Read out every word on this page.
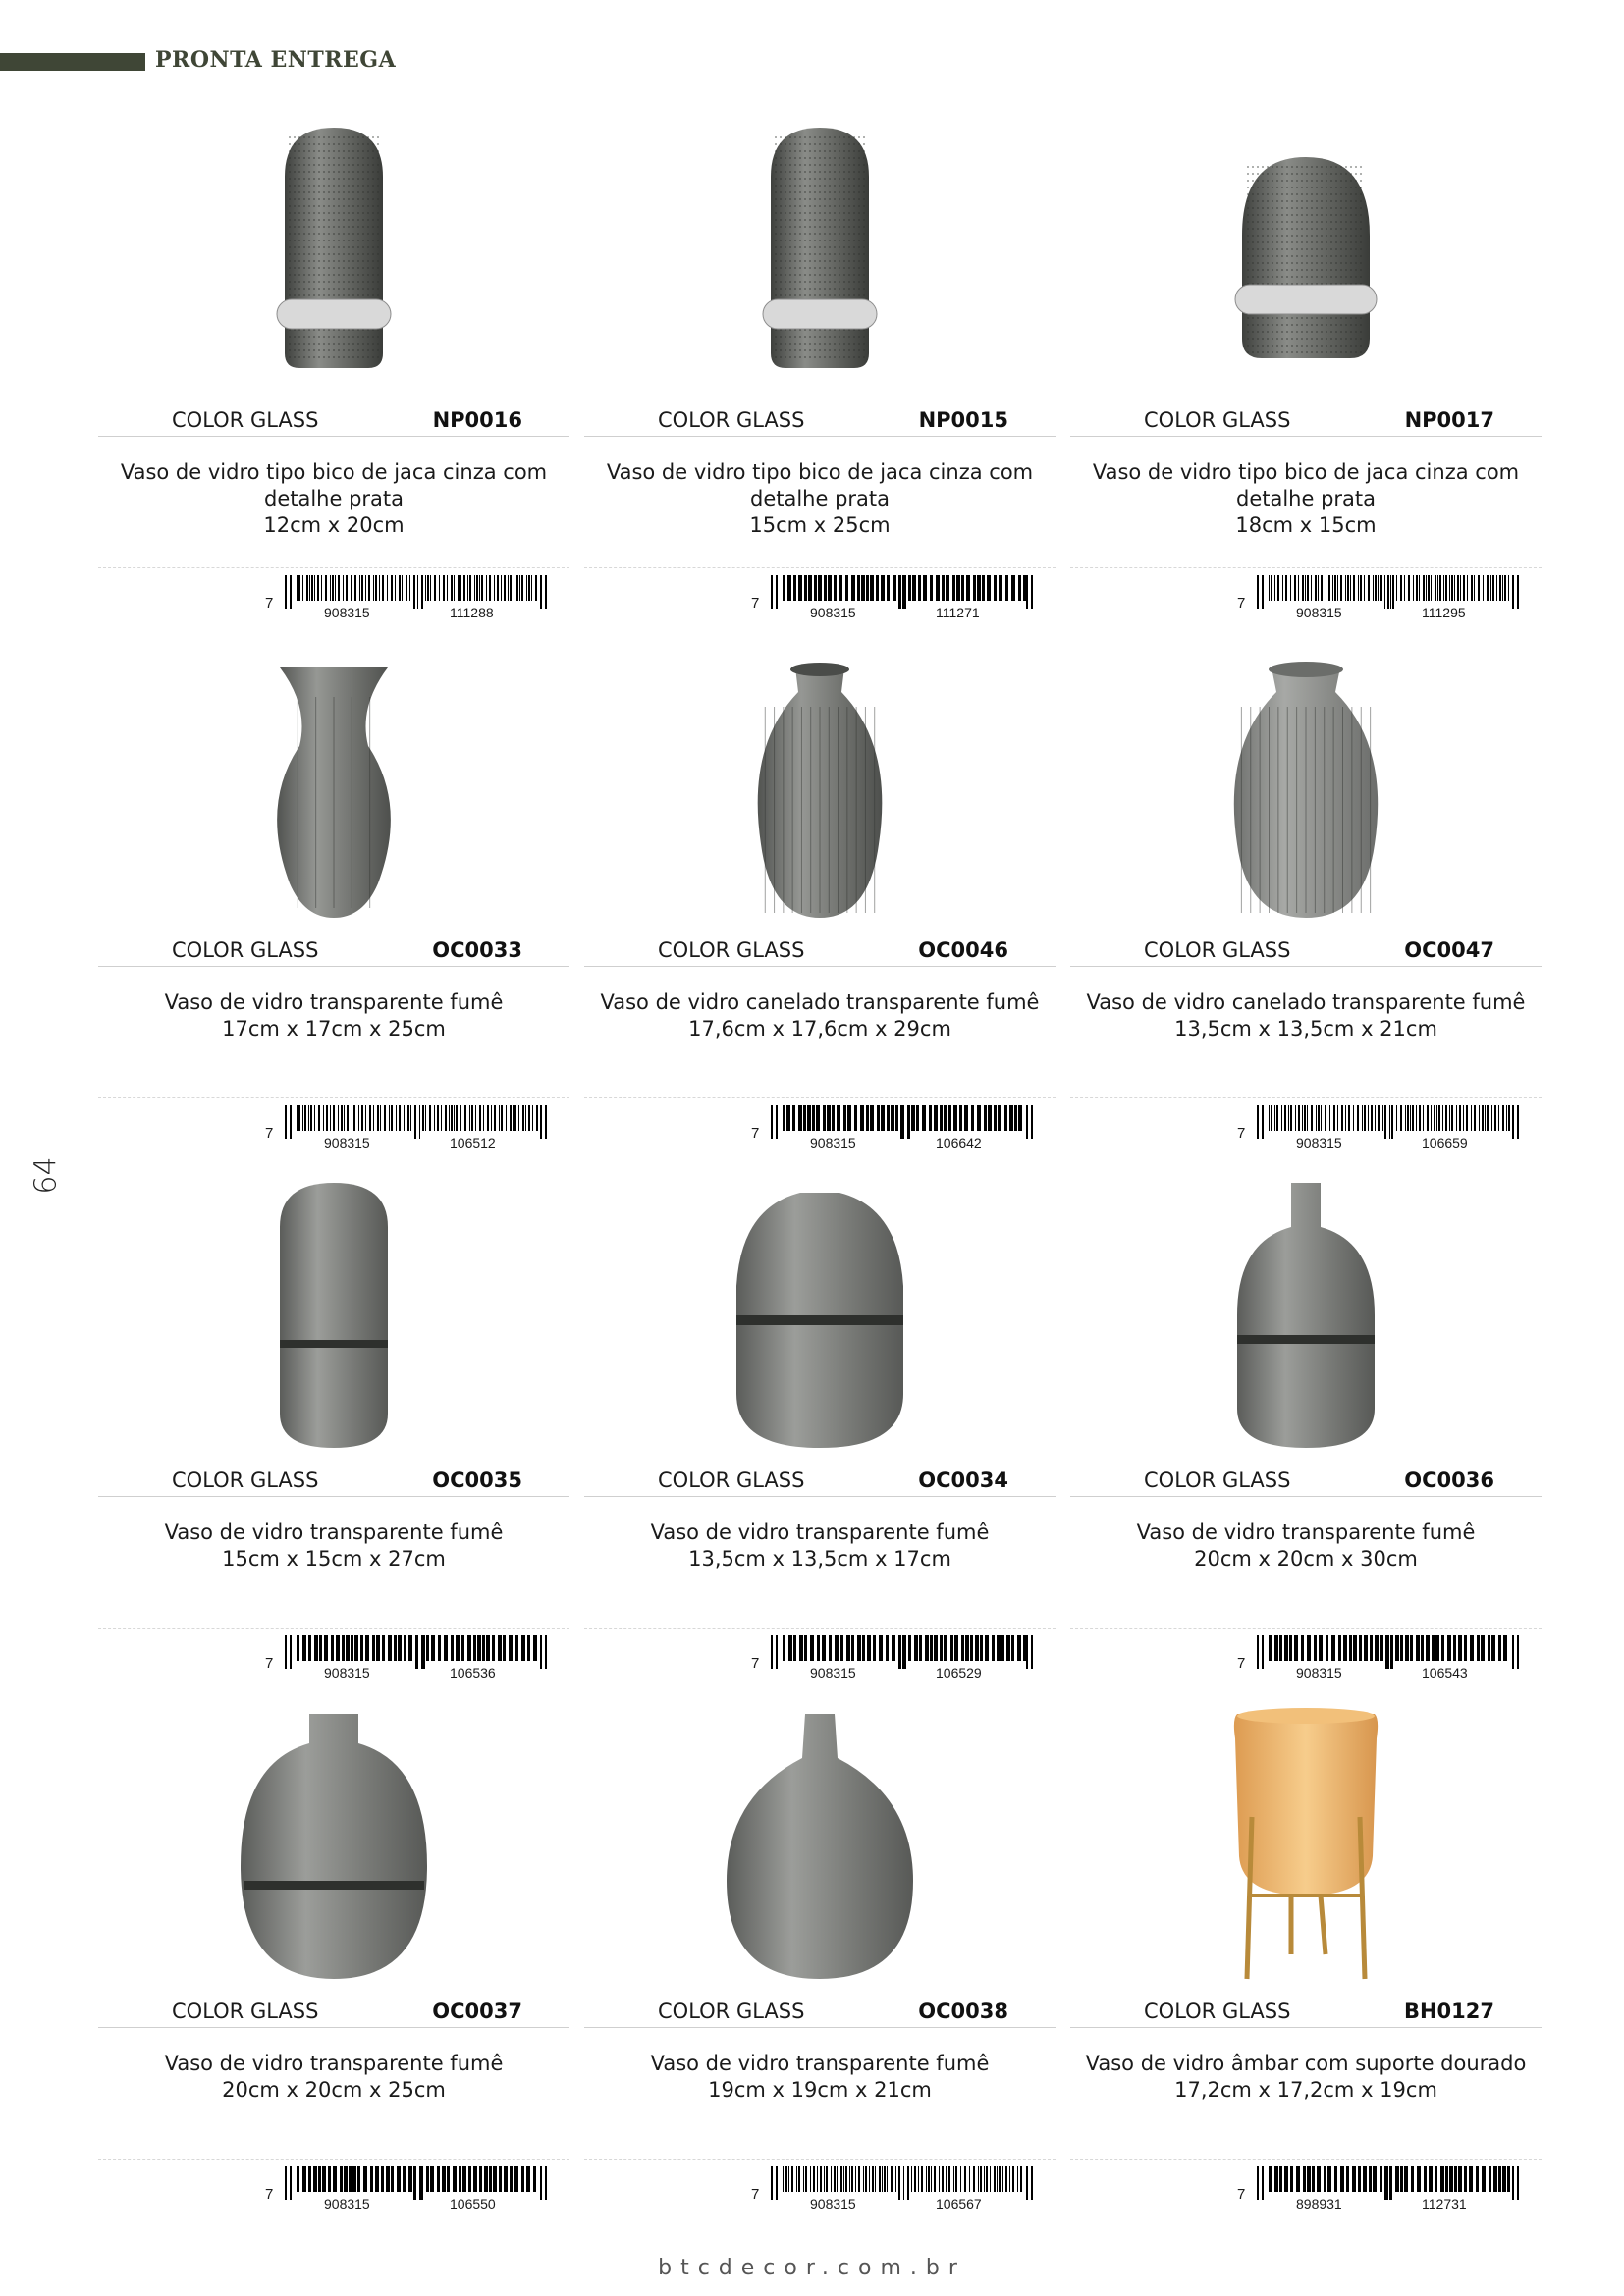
PRONTA ENTREGA
64
COLOR GLASS	NP0016
Vaso de vidro tipo bico de jaca cinza com
detalhe prata
12cm x 20cm
7
908315	111288
COLOR GLASS	NP0015
Vaso de vidro tipo bico de jaca cinza com
detalhe prata
15cm x 25cm
7
908315	111271
COLOR GLASS	NP0017
Vaso de vidro tipo bico de jaca cinza com
detalhe prata
18cm x 15cm
7
908315	111295
COLOR GLASS	OC0033
Vaso de vidro transparente fumê
17cm x 17cm x 25cm
7
908315	106512
COLOR GLASS	OC0046
Vaso de vidro canelado transparente fumê
17,6cm x 17,6cm x 29cm
7
908315	106642
COLOR GLASS	OC0047
Vaso de vidro canelado transparente fumê
13,5cm x 13,5cm x 21cm
7
908315	106659
COLOR GLASS	OC0035
Vaso de vidro transparente fumê
15cm x 15cm x 27cm
7
908315	106536
COLOR GLASS	OC0034
Vaso de vidro transparente fumê
13,5cm x 13,5cm x 17cm
7
908315	106529
COLOR GLASS	OC0036
Vaso de vidro transparente fumê
20cm x 20cm x 30cm
7
908315	106543
COLOR GLASS	OC0037
Vaso de vidro transparente fumê
20cm x 20cm x 25cm
7
908315	106550
COLOR GLASS	OC0038
Vaso de vidro transparente fumê
19cm x 19cm x 21cm
7
908315	106567
COLOR GLASS	BH0127
Vaso de vidro âmbar com suporte dourado
17,2cm x 17,2cm x 19cm
7
898931	112731
btcdecor.com.br
